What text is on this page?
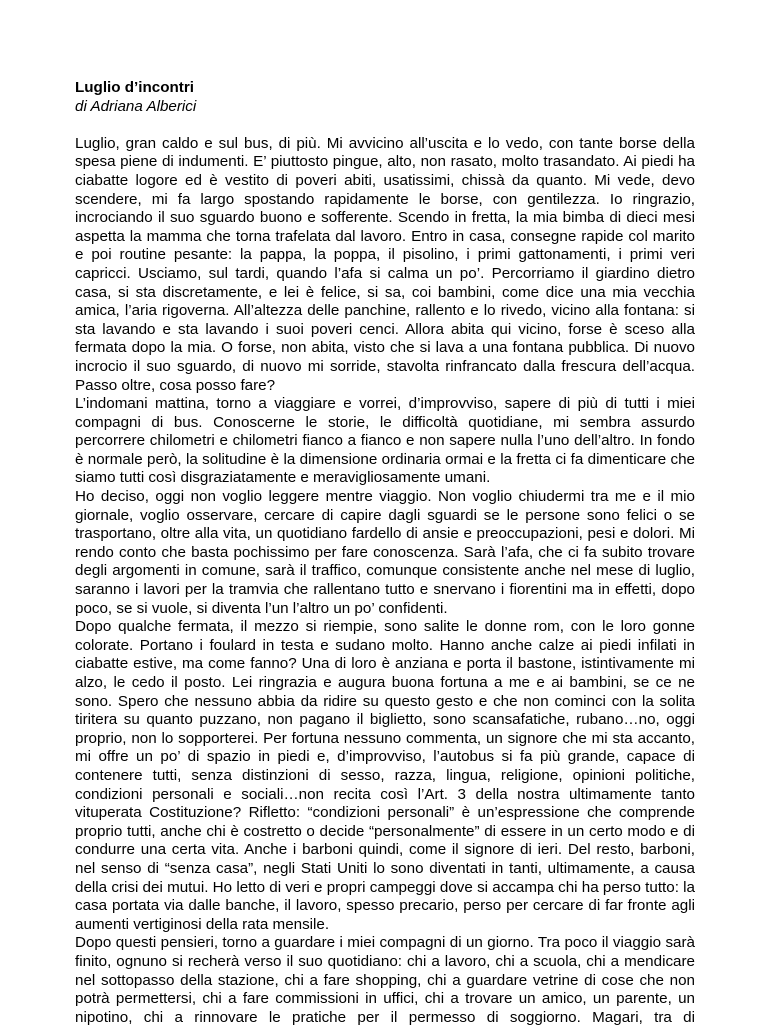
Luglio d’incontri

di Adriana Alberici

Luglio, gran caldo e sul bus, di più. Mi avvicino all’uscita e lo vedo, con tante borse della spesa piene di indumenti. E’ piuttosto pingue, alto, non rasato, molto trasandato. Ai piedi ha ciabatte logore ed è vestito di poveri abiti, usatissimi, chissà da quanto. Mi vede, devo scendere, mi fa largo spostando rapidamente le borse, con gentilezza. Io ringrazio, incrociando il suo sguardo buono e sofferente. Scendo in fretta, la mia bimba di dieci mesi aspetta la mamma che torna trafelata dal lavoro. Entro in casa, consegne rapide col marito e poi routine pesante: la pappa, la poppa, il pisolino, i primi gattonamenti, i primi veri capricci. Usciamo, sul tardi, quando l’afa si calma un po’. Percorriamo il giardino dietro casa, si sta discretamente, e lei è felice, si sa, coi bambini, come dice una mia vecchia amica, l’aria rigoverna. All’altezza delle panchine, rallento e lo rivedo, vicino alla fontana: si sta lavando e sta lavando i suoi poveri cenci. Allora abita qui vicino, forse è sceso alla fermata dopo la mia. O forse, non abita, visto che si lava a una fontana pubblica. Di nuovo incrocio il suo sguardo, di nuovo mi sorride, stavolta rinfrancato dalla frescura dell’acqua. Passo oltre, cosa posso fare?

L’indomani mattina, torno a viaggiare e vorrei, d’improvviso, sapere di più di tutti i miei compagni di bus. Conoscerne le storie, le difficoltà quotidiane, mi sembra assurdo percorrere chilometri e chilometri fianco a fianco e non sapere nulla l’uno dell’altro. In fondo è normale però, la solitudine è la dimensione ordinaria ormai e la fretta ci fa dimenticare che siamo tutti così disgraziatamente e meravigliosamente umani.

Ho deciso, oggi non voglio leggere mentre viaggio. Non voglio chiudermi tra me e il mio giornale, voglio osservare, cercare di capire dagli sguardi se le persone sono felici o se trasportano, oltre alla vita, un quotidiano fardello di ansie e preoccupazioni, pesi e dolori. Mi rendo conto che basta pochissimo per fare conoscenza. Sarà l’afa, che ci fa subito trovare degli argomenti in comune, sarà il traffico, comunque consistente anche nel mese di luglio, saranno i lavori per la tramvia che rallentano tutto e snervano i fiorentini ma in effetti, dopo poco, se si vuole, si diventa l’un l’altro un po’ confidenti.

Dopo qualche fermata, il mezzo si riempie, sono salite le donne rom, con le loro gonne colorate. Portano i foulard in testa e sudano molto. Hanno anche calze ai piedi infilati in ciabatte estive, ma come fanno? Una di loro è anziana e porta il bastone, istintivamente mi alzo, le cedo il posto. Lei ringrazia e augura buona fortuna a me e ai bambini, se ce ne sono. Spero che nessuno abbia da ridire su questo gesto e che non cominci con la solita tiritera su quanto puzzano, non pagano il biglietto, sono scansafatiche, rubano…no, oggi proprio, non lo sopporterei. Per fortuna nessuno commenta, un signore che mi sta accanto, mi offre un po’ di spazio in piedi e, d’improvviso, l’autobus si fa più grande, capace di contenere tutti, senza distinzioni di sesso, razza, lingua, religione, opinioni politiche, condizioni personali e sociali…non recita così l’Art. 3 della nostra ultimamente tanto vituperata Costituzione? Rifletto: “condizioni personali” è un’espressione che comprende proprio tutti, anche chi è costretto o decide “personalmente” di essere in un certo modo e di condurre una certa vita. Anche i barboni quindi, come il signore di ieri. Del resto, barboni, nel senso di “senza casa”, negli Stati Uniti lo sono diventati in tanti, ultimamente, a causa della crisi dei mutui. Ho letto di veri e propri campeggi dove si accampa chi ha perso tutto: la casa portata via dalle banche, il lavoro, spesso precario, perso per cercare di far fronte agli aumenti vertiginosi della rata mensile.

Dopo questi pensieri, torno a guardare i miei compagni di un giorno. Tra poco il viaggio sarà finito, ognuno si recherà verso il suo quotidiano: chi a lavoro, chi a scuola, chi a mendicare nel sottopasso della stazione, chi a fare shopping, chi a guardare vetrine di cose che non potrà permettersi, chi a fare commissioni in uffici, chi a trovare un amico, un parente, un nipotino, chi a rinnovare le pratiche per il permesso di soggiorno. Magari, tra di
